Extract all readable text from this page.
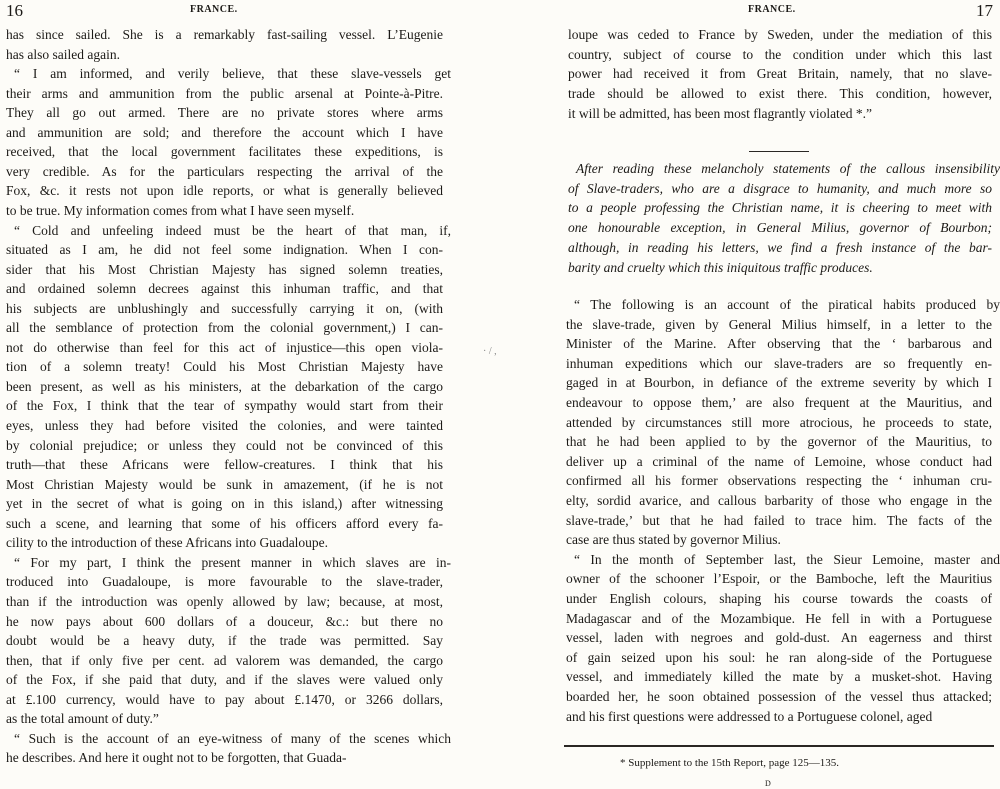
16	FRANCE.
has since sailed. She is a remarkably fast-sailing vessel. L’Eugenie
has also sailed again.
“ I am informed, and verily believe, that these slave-vessels get
their arms and ammunition from the public arsenal at Pointe-à-Pitre.
They all go out armed. There are no private stores where arms
and ammunition are sold; and therefore the account which I have
received, that the local government facilitates these expeditions, is
very credible. As for the particulars respecting the arrival of the
Fox, &c. it rests not upon idle reports, or what is generally believed
to be true. My information comes from what I have seen myself.
“ Cold and unfeeling indeed must be the heart of that man, if,
situated as I am, he did not feel some indignation. When I con-
sider that his Most Christian Majesty has signed solemn treaties,
and ordained solemn decrees against this inhuman traffic, and that
his subjects are unblushingly and successfully carrying it on, (with
all the semblance of protection from the colonial government,) I can-
not do otherwise than feel for this act of injustice—this open viola-
tion of a solemn treaty! Could his Most Christian Majesty have
been present, as well as his ministers, at the debarkation of the cargo
of the Fox, I think that the tear of sympathy would start from their
eyes, unless they had before visited the colonies, and were tainted
by colonial prejudice; or unless they could not be convinced of this
truth—that these Africans were fellow-creatures. I think that his
Most Christian Majesty would be sunk in amazement, (if he is not
yet in the secret of what is going on in this island,) after witnessing
such a scene, and learning that some of his officers afford every fa-
cility to the introduction of these Africans into Guadaloupe.
“ For my part, I think the present manner in which slaves are in-
troduced into Guadaloupe, is more favourable to the slave-trader,
than if the introduction was openly allowed by law; because, at most,
he now pays about 600 dollars of a douceur, &c.: but there no
doubt would be a heavy duty, if the trade was permitted. Say
then, that if only five per cent. ad valorem was demanded, the cargo
of the Fox, if she paid that duty, and if the slaves were valued only
at £.100 currency, would have to pay about £.1470, or 3266 dollars,
as the total amount of duty.”
“ Such is the account of an eye-witness of many of the scenes which
he describes. And here it ought not to be forgotten, that Guada-
· / ,
17
FRANCE.
loupe was ceded to France by Sweden, under the mediation of this
country, subject of course to the condition under which this last
power had received it from Great Britain, namely, that no slave-
trade should be allowed to exist there. This condition, however,
it will be admitted, has been most flagrantly violated *.”
After reading these melancholy statements of the callous insensibility
of Slave-traders, who are a disgrace to humanity, and much more so
to a people professing the Christian name, it is cheering to meet with
one honourable exception, in General Milius, governor of Bourbon;
although, in reading his letters, we find a fresh instance of the bar-
barity and cruelty which this iniquitous traffic produces.
“ The following is an account of the piratical habits produced by
the slave-trade, given by General Milius himself, in a letter to the
Minister of the Marine. After observing that the ‘ barbarous and
inhuman expeditions which our slave-traders are so frequently en-
gaged in at Bourbon, in defiance of the extreme severity by which I
endeavour to oppose them,’ are also frequent at the Mauritius, and
attended by circumstances still more atrocious, he proceeds to state,
that he had been applied to by the governor of the Mauritius, to
deliver up a criminal of the name of Lemoine, whose conduct had
confirmed all his former observations respecting the ‘ inhuman cru-
elty, sordid avarice, and callous barbarity of those who engage in the
slave-trade,’ but that he had failed to trace him. The facts of the
case are thus stated by governor Milius.
“ In the month of September last, the Sieur Lemoine, master and
owner of the schooner l’Espoir, or the Bamboche, left the Mauritius
under English colours, shaping his course towards the coasts of
Madagascar and of the Mozambique. He fell in with a Portuguese
vessel, laden with negroes and gold-dust. An eagerness and thirst
of gain seized upon his soul: he ran along-side of the Portuguese
vessel, and immediately killed the mate by a musket-shot. Having
boarded her, he soon obtained possession of the vessel thus attacked;
and his first questions were addressed to a Portuguese colonel, aged
* Supplement to the 15th Report, page 125—135.
D
